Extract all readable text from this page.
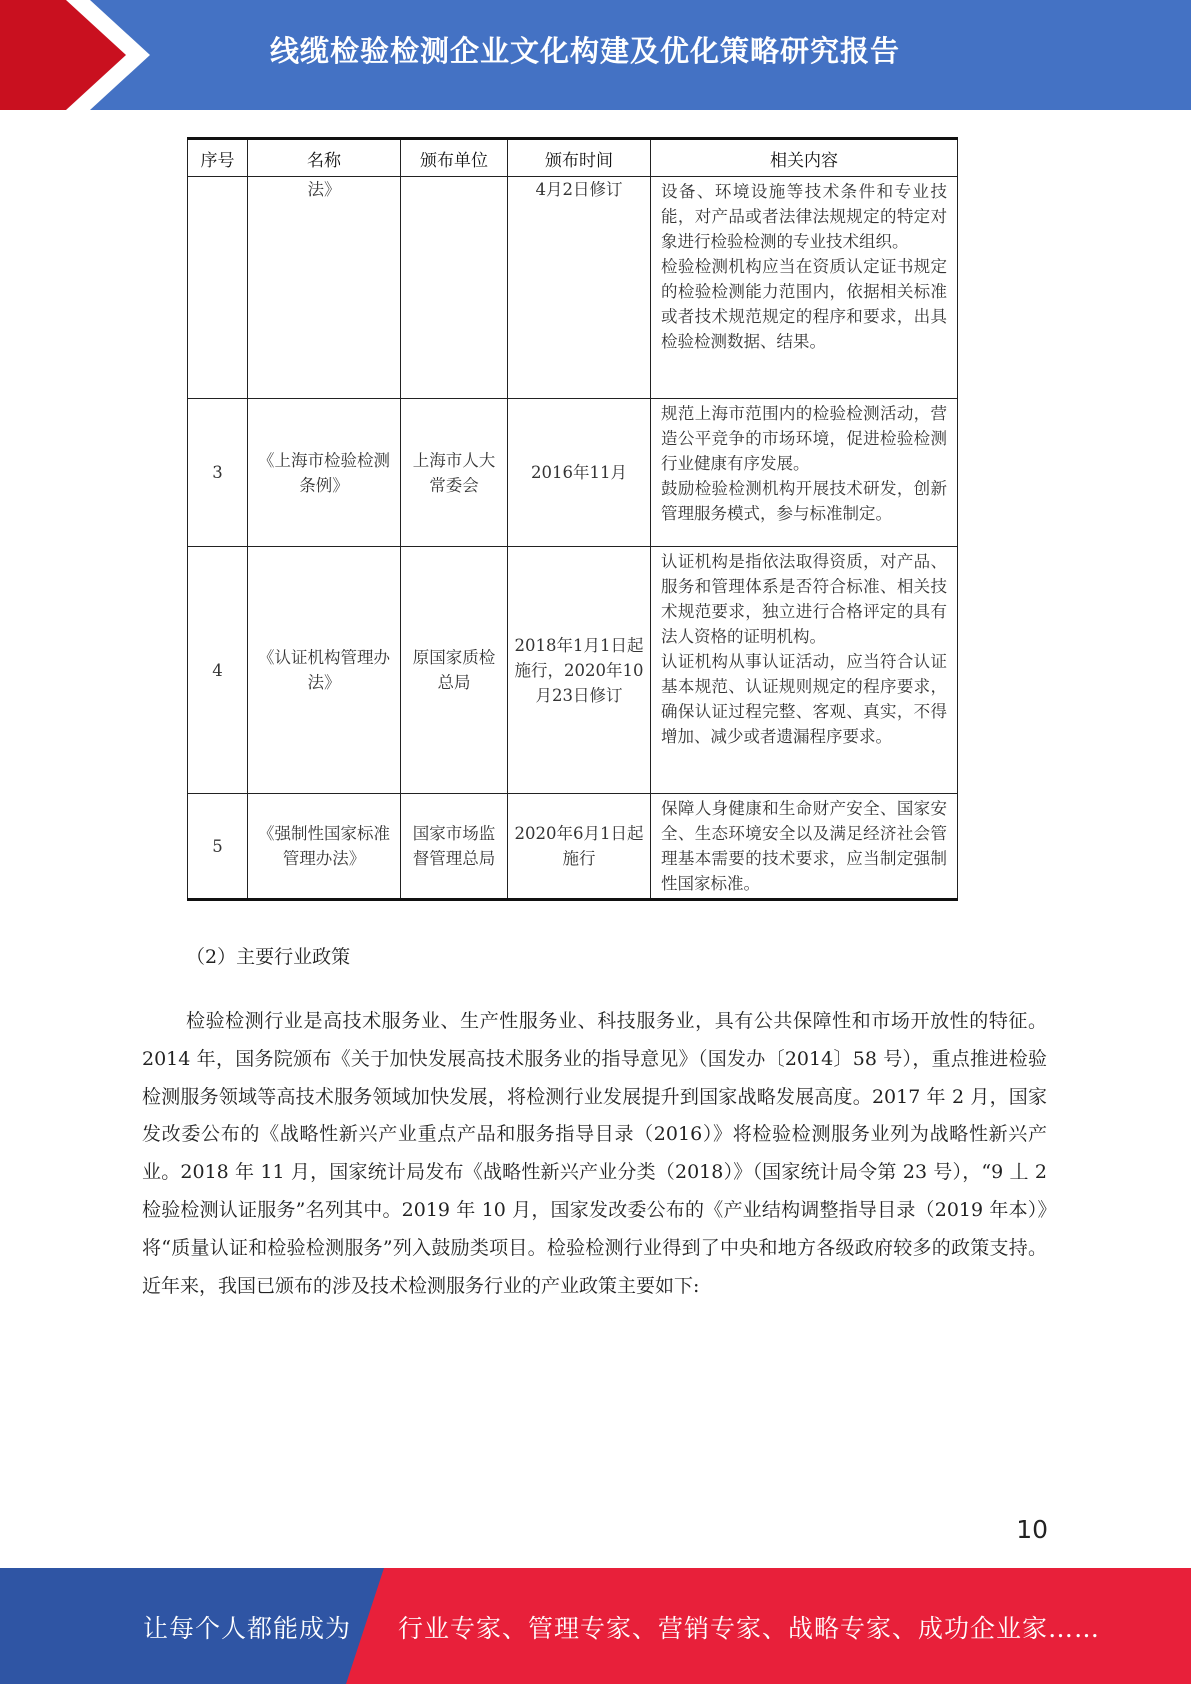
线缆检验检测企业文化构建及优化策略研究报告
序号	名称	颁布单位	颁布时间	相关内容
	法》		4月2日修订	设备、环境设施等技术条件和专业技能，对产品或者法律法规规定的特定对象进行检验检测的专业技术组织。
检验检测机构应当在资质认定证书规定的检验检测能力范围内，依据相关标准或者技术规范规定的程序和要求，出具检验检测数据、结果。

3	《上海市检验检测条例》	上海市人大常委会	2016年11月	规范上海市范围内的检验检测活动，营造公平竞争的市场环境，促进检验检测行业健康有序发展。
鼓励检验检测机构开展技术研发，创新管理服务模式，参与标准制定。

4	《认证机构管理办法》	原国家质检总局	2018年1月1日起施行，2020年10月23日修订	认证机构是指依法取得资质，对产品、服务和管理体系是否符合标准、相关技术规范要求，独立进行合格评定的具有法人资格的证明机构。
认证机构从事认证活动，应当符合认证基本规范、认证规则规定的程序要求，确保认证过程完整、客观、真实，不得增加、减少或者遗漏程序要求。

5	《强制性国家标准管理办法》	国家市场监督管理总局	2020年6月1日起施行	保障人身健康和生命财产安全、国家安全、生态环境安全以及满足经济社会管理基本需要的技术要求，应当制定强制性国家标准。
（2）主要行业政策
检验检测行业是高技术服务业、生产性服务业、科技服务业，具有公共保障性和市场开放性的特征。2014 年，国务院颁布《关于加快发展高技术服务业的指导意见》（国发办〔2014〕58 号），重点推进检验检测服务领域等高技术服务领域加快发展，将检测行业发展提升到国家战略发展高度。2017 年 2 月，国家发改委公布的《战略性新兴产业重点产品和服务指导目录（2016）》将检验检测服务业列为战略性新兴产业。2018 年 11 月，国家统计局发布《战略性新兴产业分类（2018）》（国家统计局令第 23 号），“9 丄 2 检验检测认证服务”名列其中。2019 年 10 月，国家发改委公布的《产业结构调整指导目录（2019 年本）》将“质量认证和检验检测服务”列入鼓励类项目。检验检测行业得到了中央和地方各级政府较多的政策支持。近年来，我国已颁布的涉及技术检测服务行业的产业政策主要如下:
10
让每个人都能成为 行业专家、管理专家、营销专家、战略专家、成功企业家……
